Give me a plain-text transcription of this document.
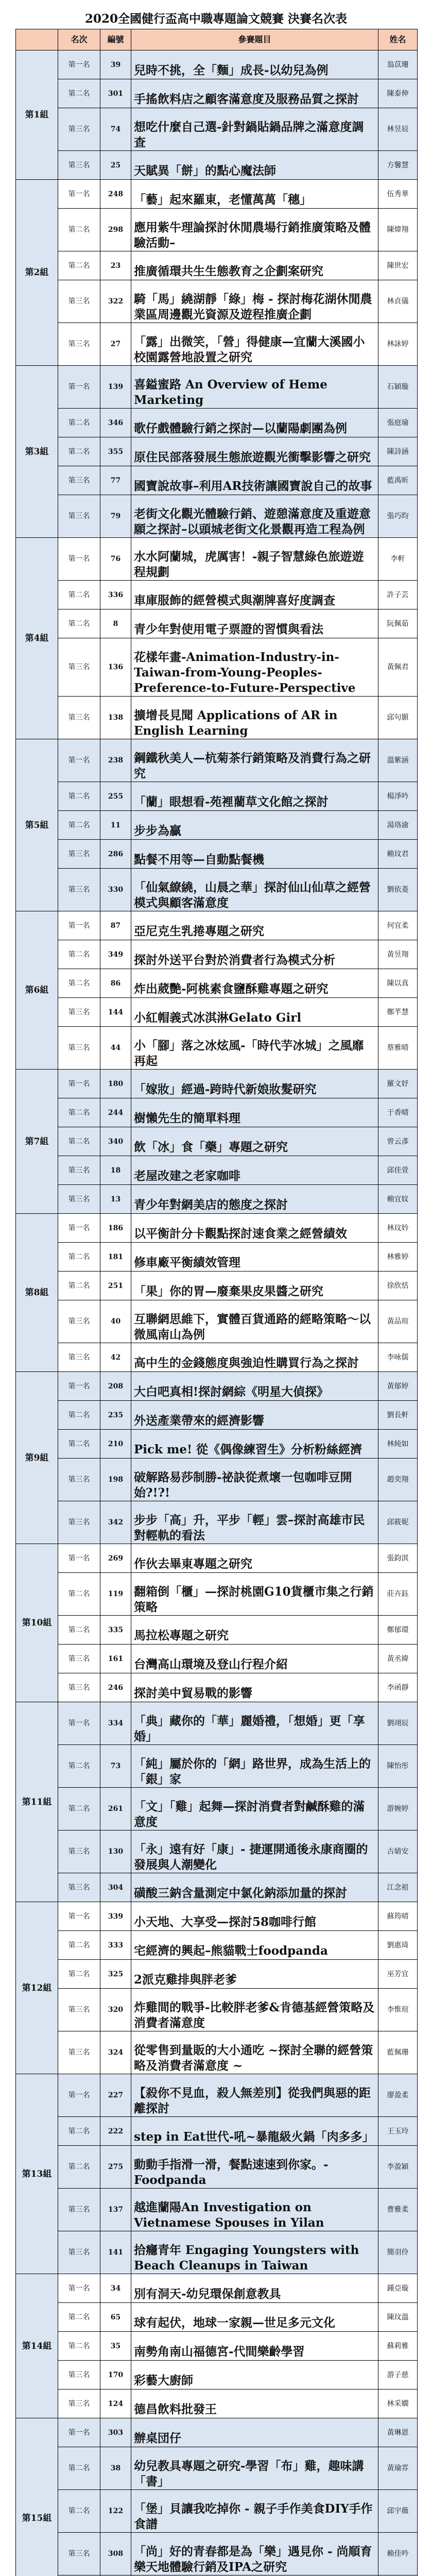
2020全國健行盃高中職專題論文競賽 決賽名次表
	名次	編號	參賽題目	姓名
第1組	第一名	39	兒時不挑，全「麵」成長-以幼兒為例	翁苡珊
	第二名	301	手搖飲料店之顧客滿意度及服務品質之探討	陳泰伸
	第三名	74	想吃什麼自己選-針對鍋貼鍋品牌之滿意度調查	林昱辰
	第三名	25	天賦異「餅」的點心魔法師	方馨慧
第2組	第一名	248	「藝」起來羅東，老懂萬萬「穗」	伍秀華
	第二名	298	應用紫牛理論探討休閒農場行銷推廣策略及體驗活動–	陳煒翔
	第二名	23	推廣循環共生生態教育之企劃案研究	陳世宏
	第三名	322	騎「馬」繞湖靜「綠」梅 - 探討梅花湖休閒農業區周邊觀光資源及遊程推廣企劃	林貞儀
	第三名	27	「露」出微笑，「營」得健康—宜蘭大溪國小校園露營地設置之研究	林詠婷
第3組	第一名	139	喜鎰蜜路 An Overview of Heme Marketing	石穎璇
	第二名	346	歌仔戲體驗行銷之探討—以蘭陽劇團為例	張庭瑜
	第二名	355	原住民部落發展生態旅遊觀光衝擊影響之研究	陳詩涵
	第三名	77	國寶說故事–利用AR技術讓國寶說自己的故事	藍禹昕
	第三名	79	老街文化觀光體驗行銷、遊憩滿意度及重遊意願之探討–以頭城老街文化景觀再造工程為例	張巧昀
第4組	第一名	76	水水阿蘭城，虎厲害！-親子智慧綠色旅遊遊程規劃	李軒
	第二名	336	車庫服飾的經營模式與潮牌喜好度調查	許子芸
	第二名	8	青少年對使用電子票證的習慣與看法	阮佩茹
	第三名	136	花樣年畫-Animation-Industry-in-Taiwan-from-Young-Peoples-Preference-to-Future-Perspective	黃佩君
	第三名	138	擴增長見聞 Applications of AR in English Learning	邱句顥
第5組	第一名	238	鋼鐵秋美人—杭菊茶行銷策略及消費行為之研究	溫紫涵
	第二名	255	「蘭」眼想看-苑裡藺草文化館之探討	楊淨吟
	第二名	11	步步為贏	湯珞渝
	第三名	286	點餐不用等—自動點餐機	賴玟君
	第三名	330	「仙氣繚繞，山晨之華」探討仙山仙草之經營模式與顧客滿意度	劉依菱
第6組	第一名	87	亞尼克生乳捲專題之研究	何宜柔
	第二名	349	探討外送平台對於消費者行為模式分析	黃昱翔
	第二名	86	炸出葳艷-阿桃素食鹽酥雞專題之研究	陳以真
	第三名	144	小紅帽義式冰淇淋Gelato Girl	鄭芊慧
	第三名	44	小「腳」落之冰炫風-「時代芋冰城」之風靡再起	蔡雅晴
第7組	第一名	180	「嫁妝」經過-跨時代新娘妝髮研究	羅文妤
	第二名	244	樹懶先生的簡單料理	于香晴
	第二名	340	飲「冰」食「藥」專題之研究	曾云彥
	第三名	18	老屋改建之老家咖啡	邱佳萱
	第三名	13	青少年對網美店的態度之探討	賴宜妏
第8組	第一名	186	以平衡計分卡觀點探討速食業之經營績效	林玟妗
	第二名	181	修車廠平衡績效管理	林雅婷
	第二名	251	「果」你的胃—廢棄果皮果醬之研究	徐欣恬
	第三名	40	互聯網思維下，實體百貨通路的經略策略～以微風南山為例	黃品瑄
	第三名	42	高中生的金錢態度與強迫性購買行為之探討	李咏儒
第9組	第一名	208	大白吧真相!探討網綜《明星大偵探》	黃郁婷
	第二名	235	外送產業帶來的經濟影響	劉長軒
	第二名	210	Pick me! 從《偶像練習生》分析粉絲經濟	林純如
	第三名	198	破解路易莎制勝-祕訣從煮壞一包咖啡豆開始?!?!	趙奕翔
	第三名	342	步步「高」升，平步「輕」雲–探討高雄市民對輕軌的看法	邱筱妮
第10組	第一名	269	作伙去畢東專題之研究	張鈞淇
	第二名	119	翻箱倒「櫃」—探討桃園G10貨櫃市集之行銷策略	莊卉鈺
	第二名	335	馬拉松專題之研究	鄭郁環
	第三名	161	台灣高山環境及登山行程介紹	黃丞緯
	第三名	246	探討美中貿易戰的影響	李函靜
第11組	第一名	334	「典」藏你的「華」麗婚禮，「想婚」更「享婚」	劉翊辰
	第二名	73	「純」屬於你的「網」路世界，成為生活上的「銀」家	陳怡彤
	第二名	261	「文」「雞」起舞—探討消費者對鹹酥雞的滿意度	游婉婷
	第三名	130	「永」遠有好「康」- 捷運開通後永康商圈的發展與人潮變化	古婧安
	第三名	304	磺酸三鈉含量測定中氯化鈉添加量的探討	江念祖
第12組	第一名	339	小天地、大享受—探討58咖啡行館	蘇筠晴
	第二名	333	宅經濟的興起–熊貓戰士foodpanda	劉惠琦
	第二名	325	2派克雞排與胖老爹	巫芳宜
	第三名	320	炸雞間的戰爭-比較胖老爹&肯德基經營策略及消費者滿意度	李惟瑄
	第三名	324	從零售到量販的大小通吃 ~探討全聯的經營策略及消費者滿意度 ~	藍佩珊
第13組	第一名	227	【殺你不見血，殺人無差別】從我們與惡的距離探討	廖盈柔
	第二名	222	step in Eat世代-吼~暴龍級火鍋「肉多多」	王玉玲
	第二名	275	動動手指滑一滑，餐點速速到你家。-Foodpanda	李盈穎
	第三名	137	越進蘭陽An Investigation on Vietnamese Spouses in Yilan	曹雅柔
	第三名	141	拾癮青年 Engaging Youngsters with Beach Cleanups in Taiwan	簡羽伶
第14組	第一名	34	別有洞天-幼兒環保創意教具	鍾亞璇
	第二名	65	球有起伏，地球一家親—世足多元文化	陳玟溫
	第二名	35	南勢角南山福德宮-代間樂齡學習	蘇莉雅
	第三名	170	彩藝大廚師	游子慈
	第三名	124	德昌飲料批發王	林采嫻
第15組	第一名	303	辦桌団仔	黃琳恩
	第二名	38	幼兒教具專題之研究-學習「布」雞，趣味講「書」	黃瑜雰
	第二名	122	「堡」貝讓我吃掉你 - 親子手作美食DIY手作食譜	邱宇薇
	第三名	308	「尚」好的青春都是為「樂」遇見你 - 尚順育樂天地體驗行銷及IPA之研究	賴佳吟
